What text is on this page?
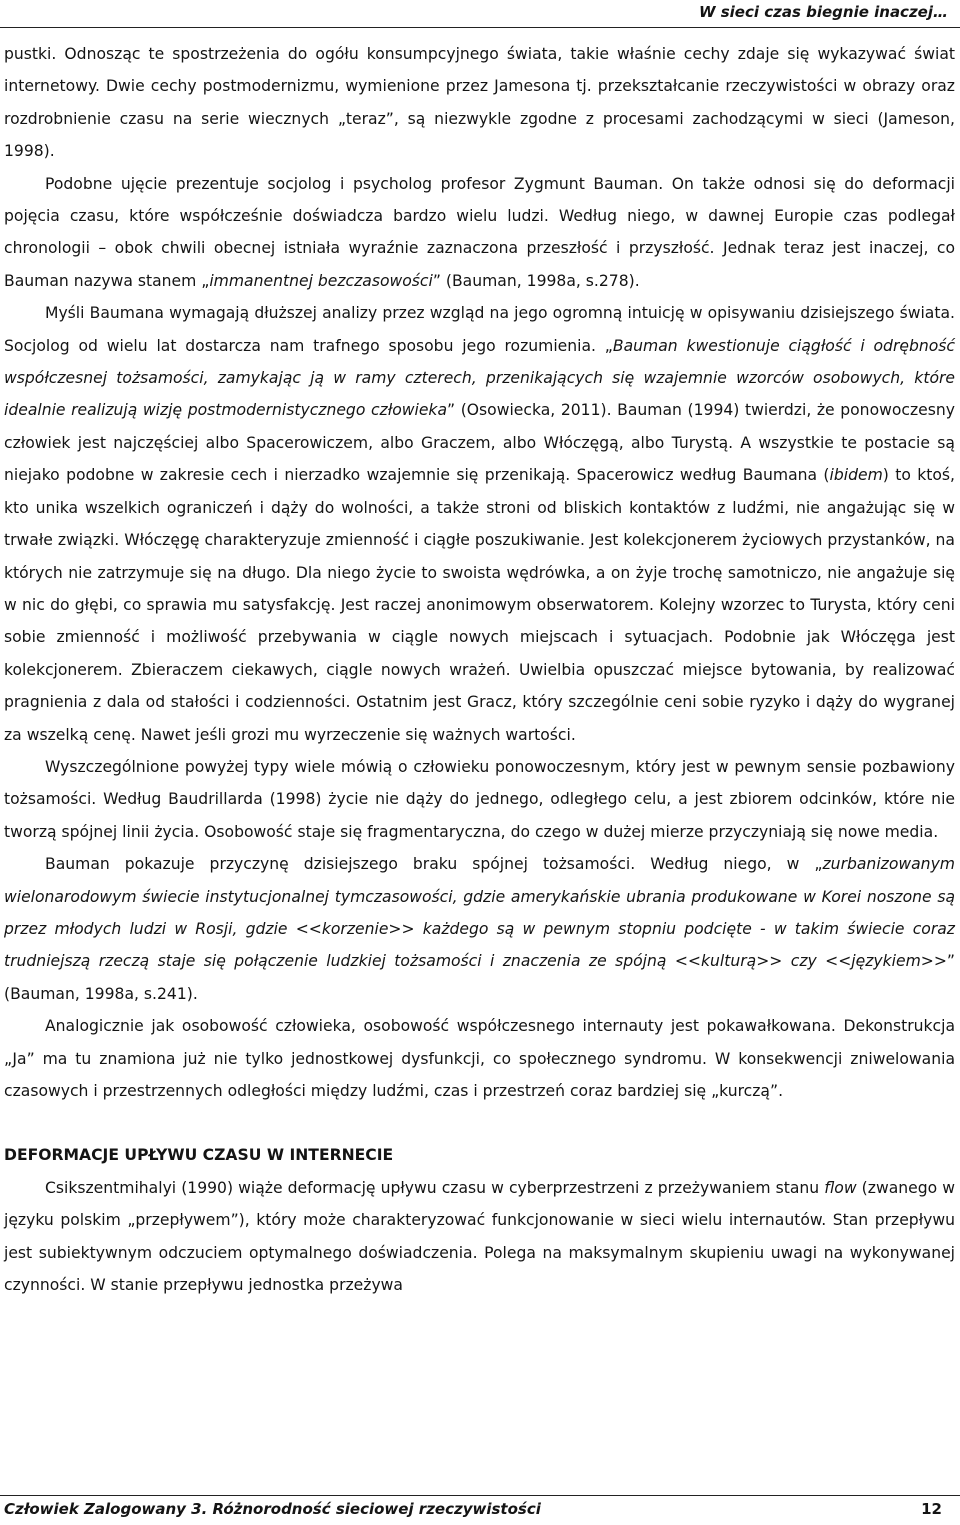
W sieci czas biegnie inaczej…

pustki. Odnosząc te spostrzeżenia do ogółu konsumpcyjnego świata, takie właśnie cechy zdaje się wykazywać świat internetowy. Dwie cechy postmodernizmu, wymienione przez Jamesona tj. przekształcanie rzeczywistości w obrazy oraz rozdrobnienie czasu na serie wiecznych „teraz”, są niezwykle zgodne z procesami zachodzącymi w sieci (Jameson, 1998).

Podobne ujęcie prezentuje socjolog i psycholog profesor Zygmunt Bauman. On także odnosi się do deformacji pojęcia czasu, które współcześnie doświadcza bardzo wielu ludzi. Według niego, w dawnej Europie czas podlegał chronologii – obok chwili obecnej istniała wyraźnie zaznaczona przeszłość i przyszłość. Jednak teraz jest inaczej, co Bauman nazywa stanem „immanentnej bezczasowości” (Bauman, 1998a, s.278).

Myśli Baumana wymagają dłuższej analizy przez wzgląd na jego ogromną intuicję w opisywaniu dzisiejszego świata. Socjolog od wielu lat dostarcza nam trafnego sposobu jego rozumienia. „Bauman kwestionuje ciągłość i odrębność współczesnej tożsamości, zamykając ją w ramy czterech, przenikających się wzajemnie wzorców osobowych, które idealnie realizują wizję postmodernistycznego człowieka” (Osowiecka, 2011). Bauman (1994) twierdzi, że ponowoczesny człowiek jest najczęściej albo Spacerowiczem, albo Graczem, albo Włóczęgą, albo Turystą. A wszystkie te postacie są niejako podobne w zakresie cech i nierzadko wzajemnie się przenikają. Spacerowicz według Baumana (ibidem) to ktoś, kto unika wszelkich ograniczeń i dąży do wolności, a także stroni od bliskich kontaktów z ludźmi, nie angażując się w trwałe związki. Włóczęgę charakteryzuje zmienność i ciągłe poszukiwanie. Jest kolekcjonerem życiowych przystanków, na których nie zatrzymuje się na długo. Dla niego życie to swoista wędrówka, a on żyje trochę samotniczo, nie angażuje się w nic do głębi, co sprawia mu satysfakcję. Jest raczej anonimowym obserwatorem. Kolejny wzorzec to Turysta, który ceni sobie zmienność i możliwość przebywania w ciągle nowych miejscach i sytuacjach. Podobnie jak Włóczęga jest kolekcjonerem. Zbieraczem ciekawych, ciągle nowych wrażeń. Uwielbia opuszczać miejsce bytowania, by realizować pragnienia z dala od stałości i codzienności. Ostatnim jest Gracz, który szczególnie ceni sobie ryzyko i dąży do wygranej za wszelką cenę. Nawet jeśli grozi mu wyrzeczenie się ważnych wartości.

Wyszczególnione powyżej typy wiele mówią o człowieku ponowoczesnym, który jest w pewnym sensie pozbawiony tożsamości. Według Baudrillarda (1998) życie nie dąży do jednego, odległego celu, a jest zbiorem odcinków, które nie tworzą spójnej linii życia. Osobowość staje się fragmentaryczna, do czego w dużej mierze przyczyniają się nowe media.

Bauman pokazuje przyczynę dzisiejszego braku spójnej tożsamości. Według niego, w „zurbanizowanym wielonarodowym świecie instytucjonalnej tymczasowości, gdzie amerykańskie ubrania produkowane w Korei noszone są przez młodych ludzi w Rosji, gdzie <<korzenie>> każdego są w pewnym stopniu podcięte - w takim świecie coraz trudniejszą rzeczą staje się połączenie ludzkiej tożsamości i znaczenia ze spójną <<kulturą>> czy <<językiem>>” (Bauman, 1998a, s.241).

Analogicznie jak osobowość człowieka, osobowość współczesnego internauty jest pokawałkowana. Dekonstrukcja „Ja” ma tu znamiona już nie tylko jednostkowej dysfunkcji, co społecznego syndromu. W konsekwencji zniwelowania czasowych i przestrzennych odległości między ludźmi, czas i przestrzeń coraz bardziej się „kurczą”.

DEFORMACJE UPŁYWU CZASU W INTERNECIE

Csikszentmihalyi (1990) wiąże deformację upływu czasu w cyberprzestrzeni z przeżywaniem stanu flow (zwanego w języku polskim „przepływem”), który może charakteryzować funkcjonowanie w sieci wielu internautów. Stan przepływu jest subiektywnym odczuciem optymalnego doświadczenia. Polega na maksymalnym skupieniu uwagi na wykonywanej czynności. W stanie przepływu jednostka przeżywa

Człowiek Zalogowany 3. Różnorodność sieciowej rzeczywistości	12
